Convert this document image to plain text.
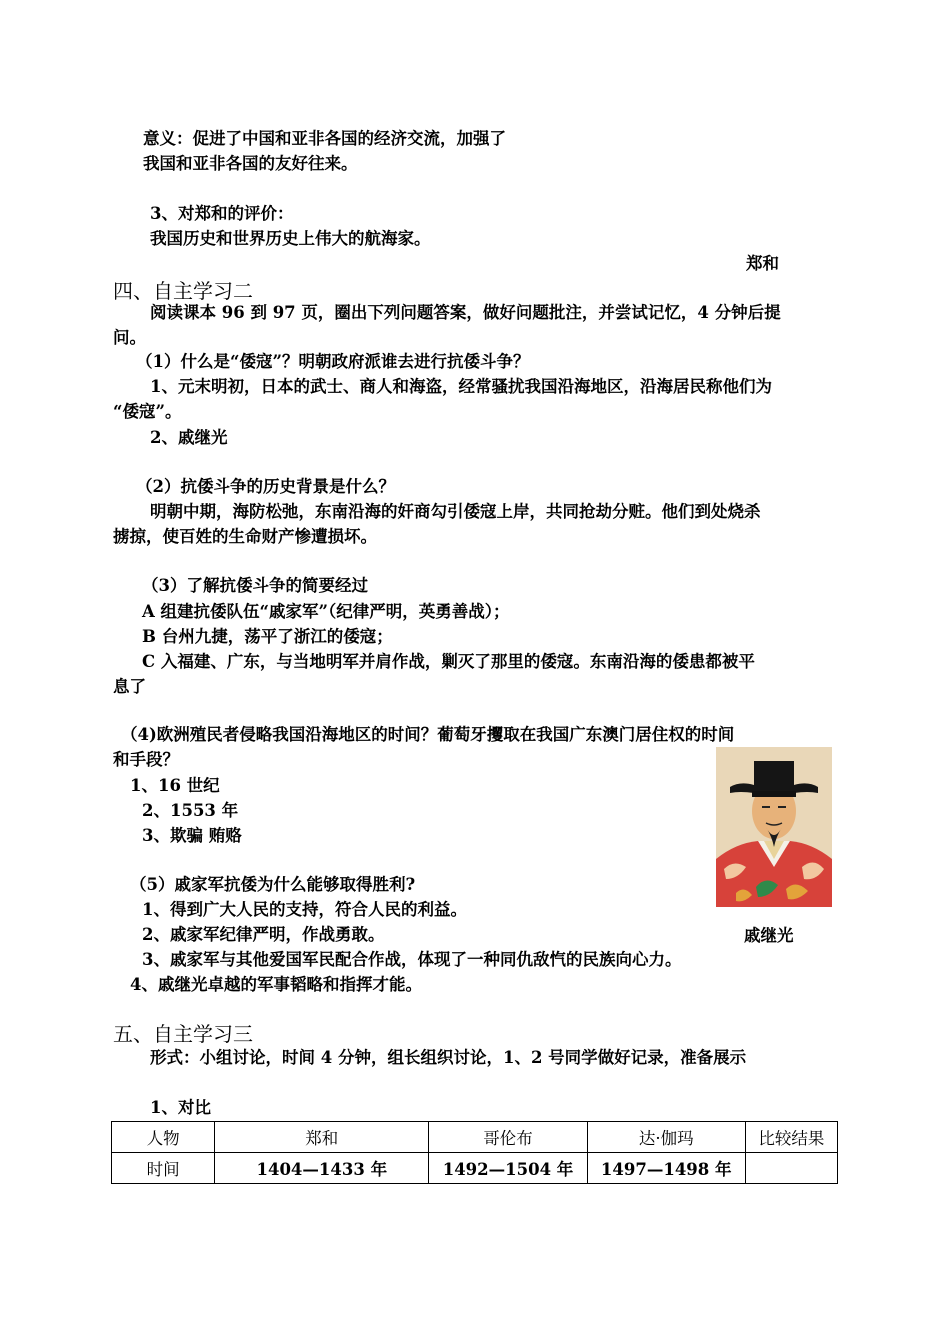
意义：促进了中国和亚非各国的经济交流，加强了
我国和亚非各国的友好往来。
3、对郑和的评价：
我国历史和世界历史上伟大的航海家。
郑和
四、自主学习二
阅读课本 96 到 97 页，圈出下列问题答案，做好问题批注，并尝试记忆，4 分钟后提
问。
（1）什么是“倭寇”？明朝政府派谁去进行抗倭斗争？
1、元末明初，日本的武士、商人和海盗，经常骚扰我国沿海地区，沿海居民称他们为
“倭寇”。
2、戚继光
（2）抗倭斗争的历史背景是什么？
明朝中期，海防松弛，东南沿海的奸商勾引倭寇上岸，共同抢劫分赃。他们到处烧杀
掳掠，使百姓的生命财产惨遭损坏。
（3）了解抗倭斗争的简要经过
A 组建抗倭队伍“戚家军”（纪律严明，英勇善战）；
B 台州九捷，荡平了浙江的倭寇；
C 入福建、广东，与当地明军并肩作战，剿灭了那里的倭寇。东南沿海的倭患都被平
息了
（4)欧洲殖民者侵略我国沿海地区的时间？葡萄牙攫取在我国广东澳门居住权的时间
和手段？
1、16 世纪
2、1553 年
3、欺骗 贿赂
（5）戚家军抗倭为什么能够取得胜利?
1、得到广大人民的支持，符合人民的利益。
2、戚家军纪律严明，作战勇敢。
3、戚家军与其他爱国军民配合作战，体现了一种同仇敌忾的民族向心力。
4、戚继光卓越的军事韬略和指挥才能。
戚继光
五、自主学习三
形式：小组讨论，时间 4 分钟，组长组织讨论，1、2 号同学做好记录，准备展示
1、对比
人物	郑和	哥伦布	达·伽玛	比较结果
时间	1404—1433 年	1492—1504 年	1497—1498 年	
